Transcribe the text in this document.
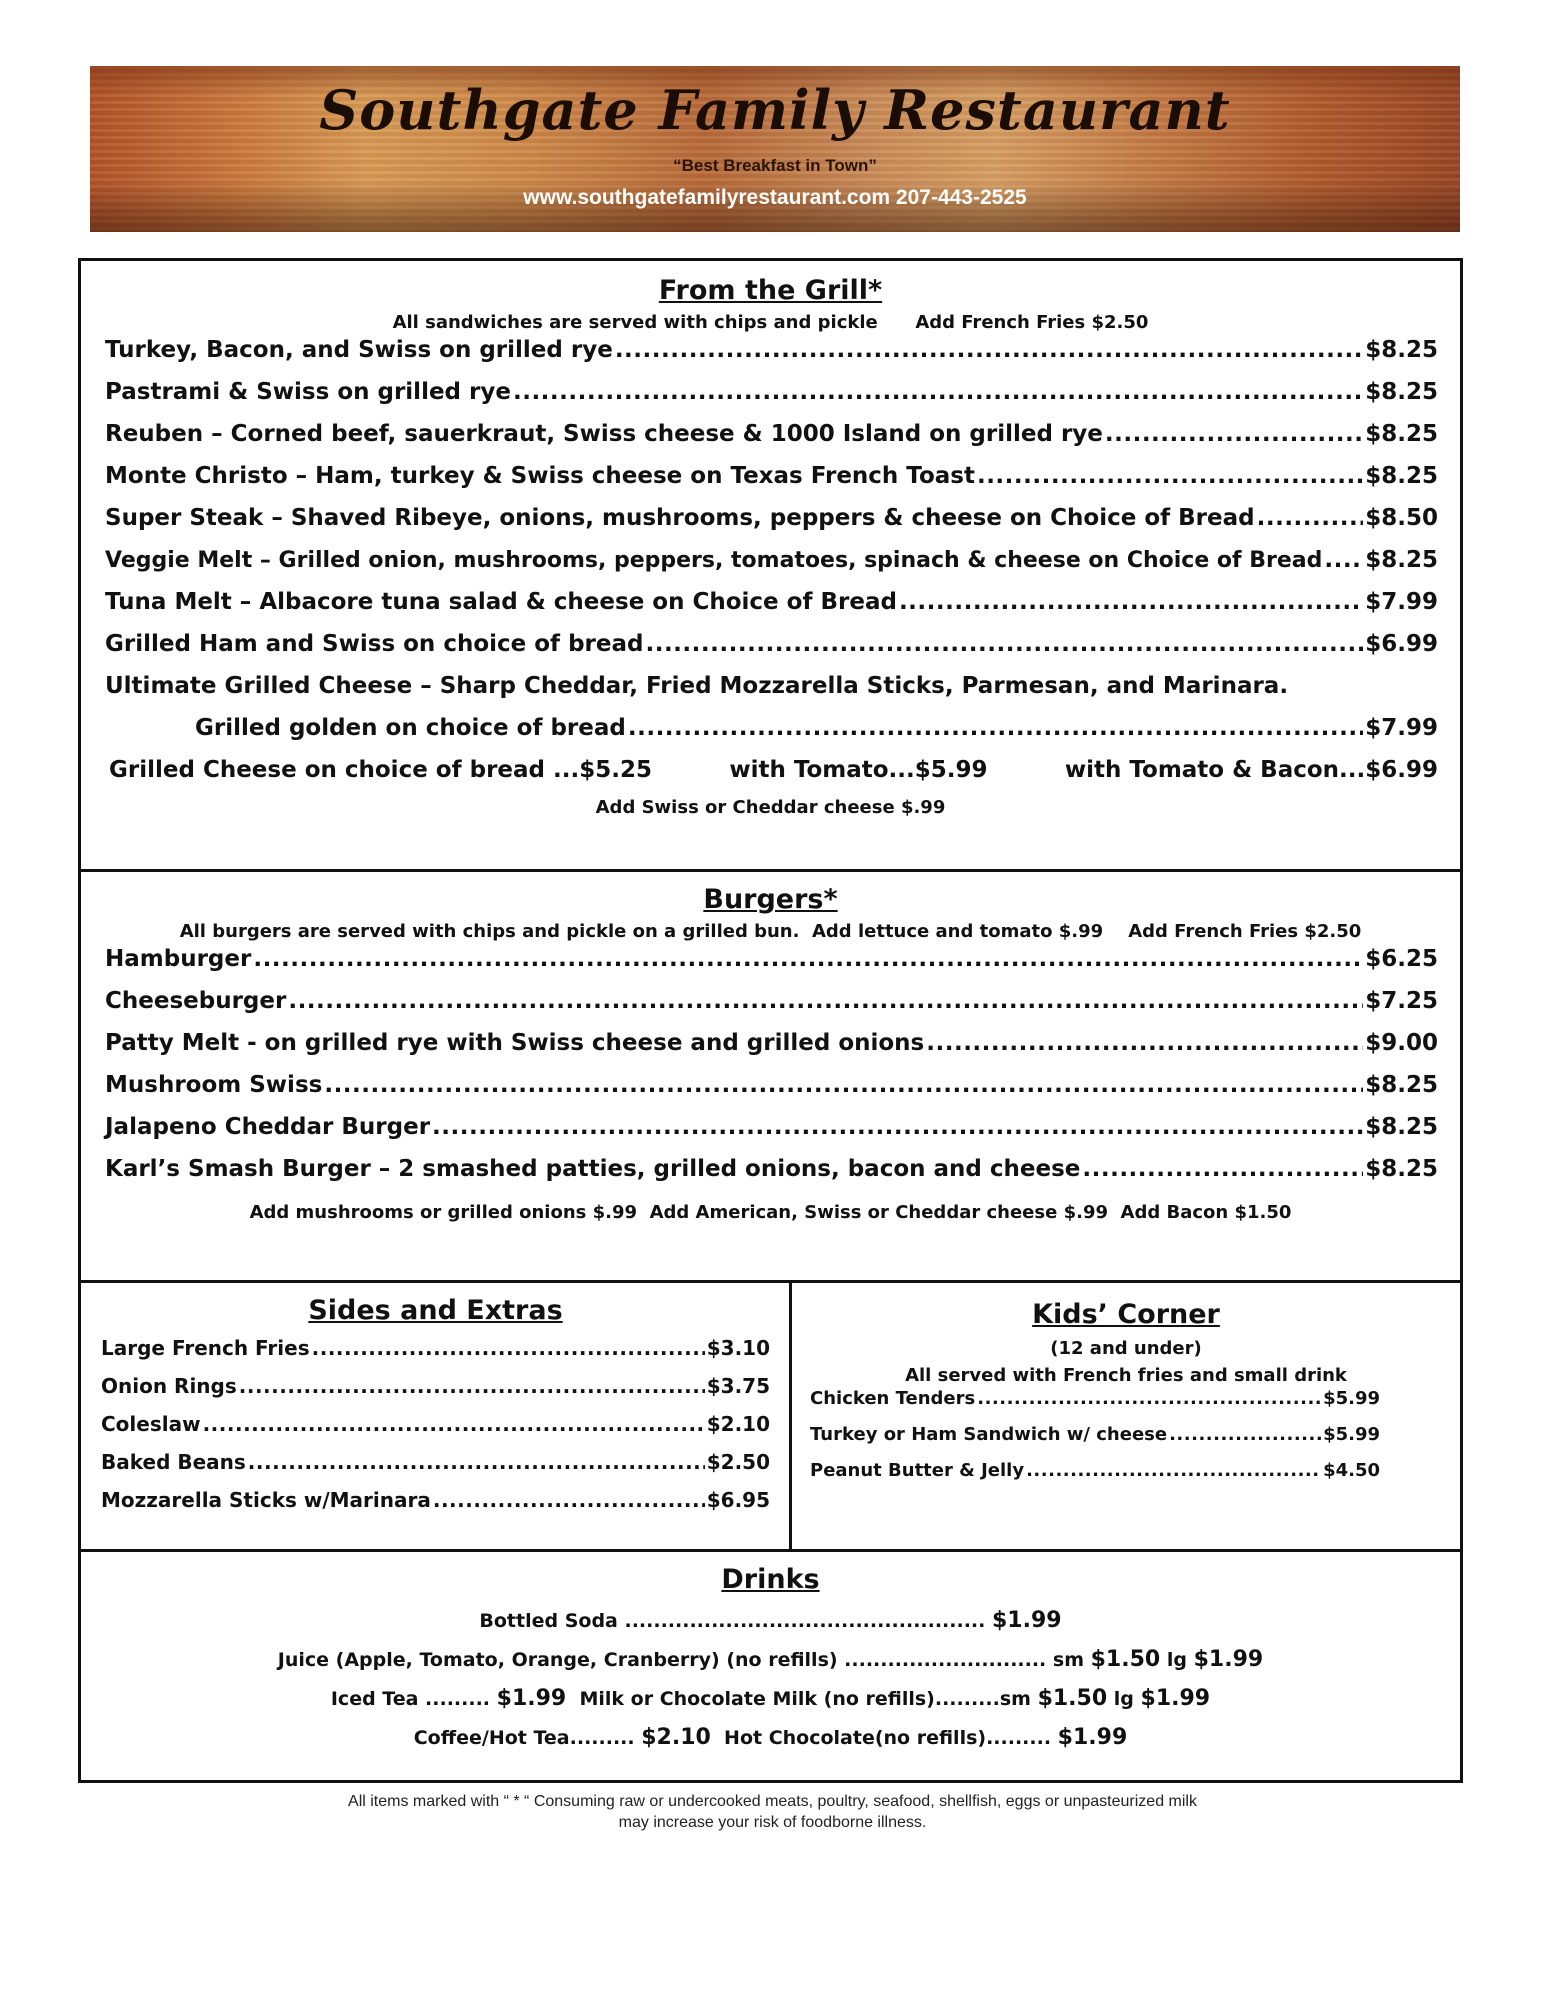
Southgate Family Restaurant
“Best Breakfast in Town”
www.southgatefamilyrestaurant.com 207-443-2525
From the Grill*
All sandwiches are served with chips and pickle      Add French Fries $2.50
Turkey, Bacon, and Swiss on grilled rye .....	$8.25
Pastrami & Swiss on grilled rye .....	$8.25
Reuben – Corned beef, sauerkraut, Swiss cheese & 1000 Island on grilled rye .....	$8.25
Monte Christo – Ham, turkey & Swiss cheese on Texas French Toast .....	$8.25
Super Steak – Shaved Ribeye, onions, mushrooms, peppers & cheese on Choice of Bread .....	$8.50
Veggie Melt – Grilled onion, mushrooms, peppers, tomatoes, spinach & cheese on Choice of Bread ..... $8.25
Tuna Melt – Albacore tuna salad & cheese on Choice of Bread .....	$7.99
Grilled Ham and Swiss on choice of bread .....	$6.99
Ultimate Grilled Cheese – Sharp Cheddar, Fried Mozzarella Sticks, Parmesan, and Marinara.
Grilled golden on choice of bread .....	$7.99
Grilled Cheese on choice of bread ...$5.25	with Tomato...$5.99	with Tomato & Bacon...$6.99
Add Swiss or Cheddar cheese $.99
Burgers*
All burgers are served with chips and pickle on a grilled bun.  Add lettuce and tomato $.99    Add French Fries $2.50
Hamburger .....	$6.25
Cheeseburger .....	$7.25
Patty Melt - on grilled rye with Swiss cheese and grilled onions .....	$9.00
Mushroom Swiss .....	$8.25
Jalapeno Cheddar Burger .....	$8.25
Karl’s Smash Burger – 2 smashed patties, grilled onions, bacon and cheese .....	$8.25
Add mushrooms or grilled onions $.99  Add American, Swiss or Cheddar cheese $.99  Add Bacon $1.50
Sides and Extras
Large French Fries .....	$3.10
Onion Rings .....	$3.75
Coleslaw .....	$2.10
Baked Beans .....	$2.50
Mozzarella Sticks w/Marinara .....	$6.95
Kids’ Corner
(12 and under)
All served with French fries and small drink
Chicken Tenders .....	$5.99
Turkey or Ham Sandwich w/ cheese .....	$5.99
Peanut Butter & Jelly .....	$4.50
Drinks
Bottled Soda .................................................. $1.99
Juice (Apple, Tomato, Orange, Cranberry) (no refills) ............................ sm $1.50 lg $1.99
Iced Tea ......... $1.99 Milk or Chocolate Milk (no refills).........sm $1.50 lg $1.99
Coffee/Hot Tea......... $2.10 Hot Chocolate(no refills)......... $1.99
All items marked with “ * “ Consuming raw or undercooked meats, poultry, seafood, shellfish, eggs or unpasteurized milk
may increase your risk of foodborne illness.
